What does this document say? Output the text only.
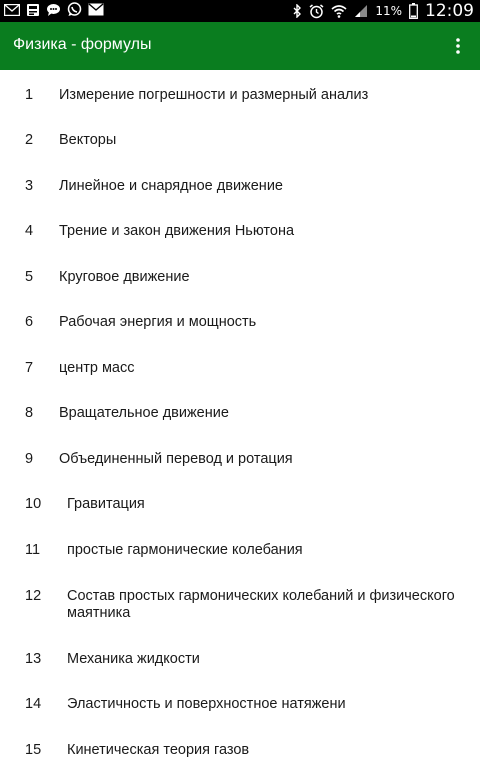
11% 12:09
Физика - формулы
1 Измерение погрешности и размерный анализ
2 Векторы
3 Линейное и снарядное движение
4 Трение и закон движения Ньютона
5 Круговое движение
6 Рабочая энергия и мощность
7 центр масс
8 Вращательное движение
9 Объединенный перевод и ротация
10 Гравитация
11 простые гармонические колебания
12 Состав простых гармонических колебаний и физического маятника
13 Механика жидкости
14 Эластичность и поверхностное натяжени
15 Кинетическая теория газов
